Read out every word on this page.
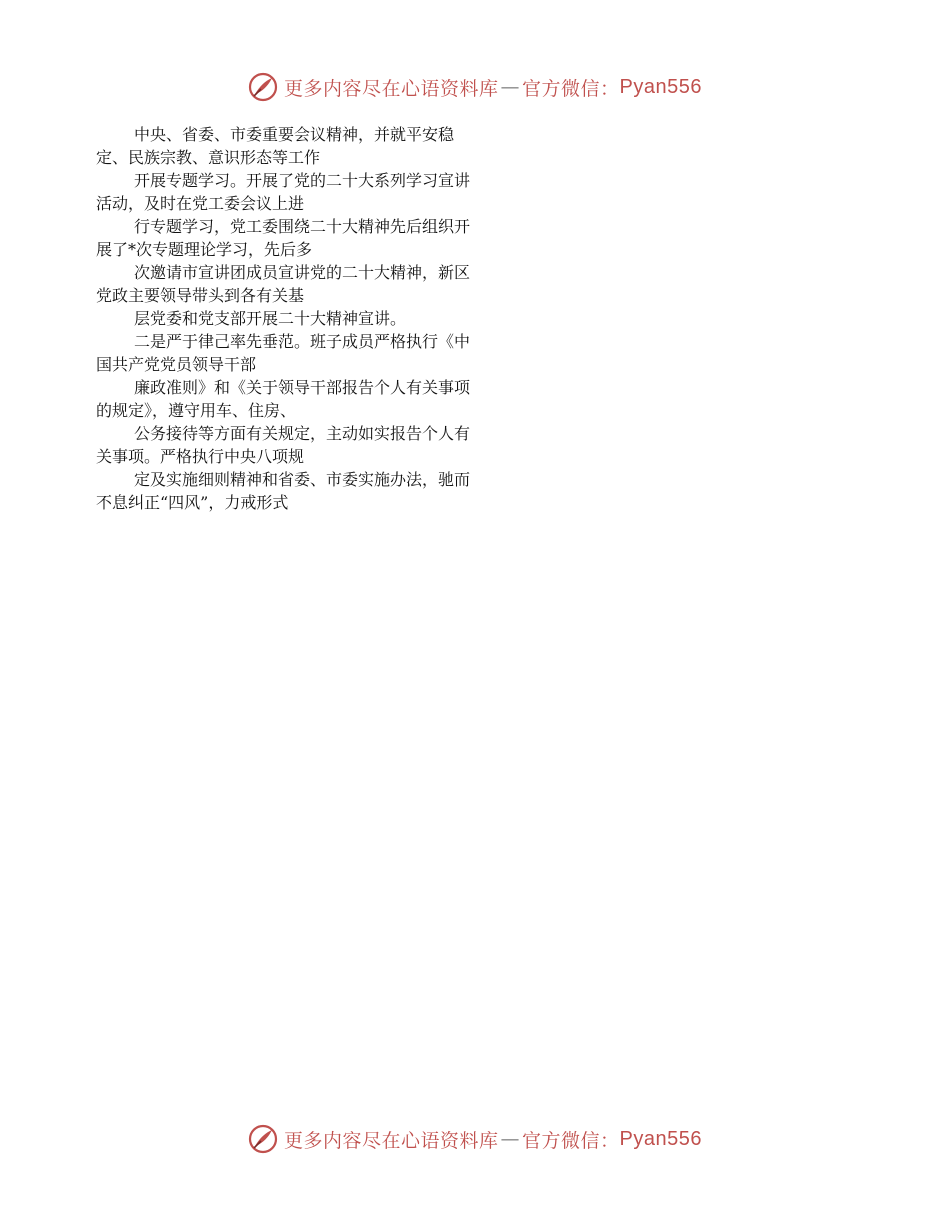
更多内容尽在心语资料库 — 官方微信： Pyan556
中央、省委、市委重要会议精神，并就平安稳
定、民族宗教、意识形态等工作
开展专题学习。开展了党的二十大系列学习宣讲
活动，及时在党工委会议上进
行专题学习，党工委围绕二十大精神先后组织开
展了*次专题理论学习，先后多
次邀请市宣讲团成员宣讲党的二十大精神，新区
党政主要领导带头到各有关基
层党委和党支部开展二十大精神宣讲。
二是严于律己率先垂范。班子成员严格执行《中
国共产党党员领导干部
廉政准则》和《关于领导干部报告个人有关事项
的规定》，遵守用车、住房、
公务接待等方面有关规定，主动如实报告个人有
关事项。严格执行中央八项规
定及实施细则精神和省委、市委实施办法，驰而
不息纠正“四风”，力戒形式
更多内容尽在心语资料库 — 官方微信： Pyan556
